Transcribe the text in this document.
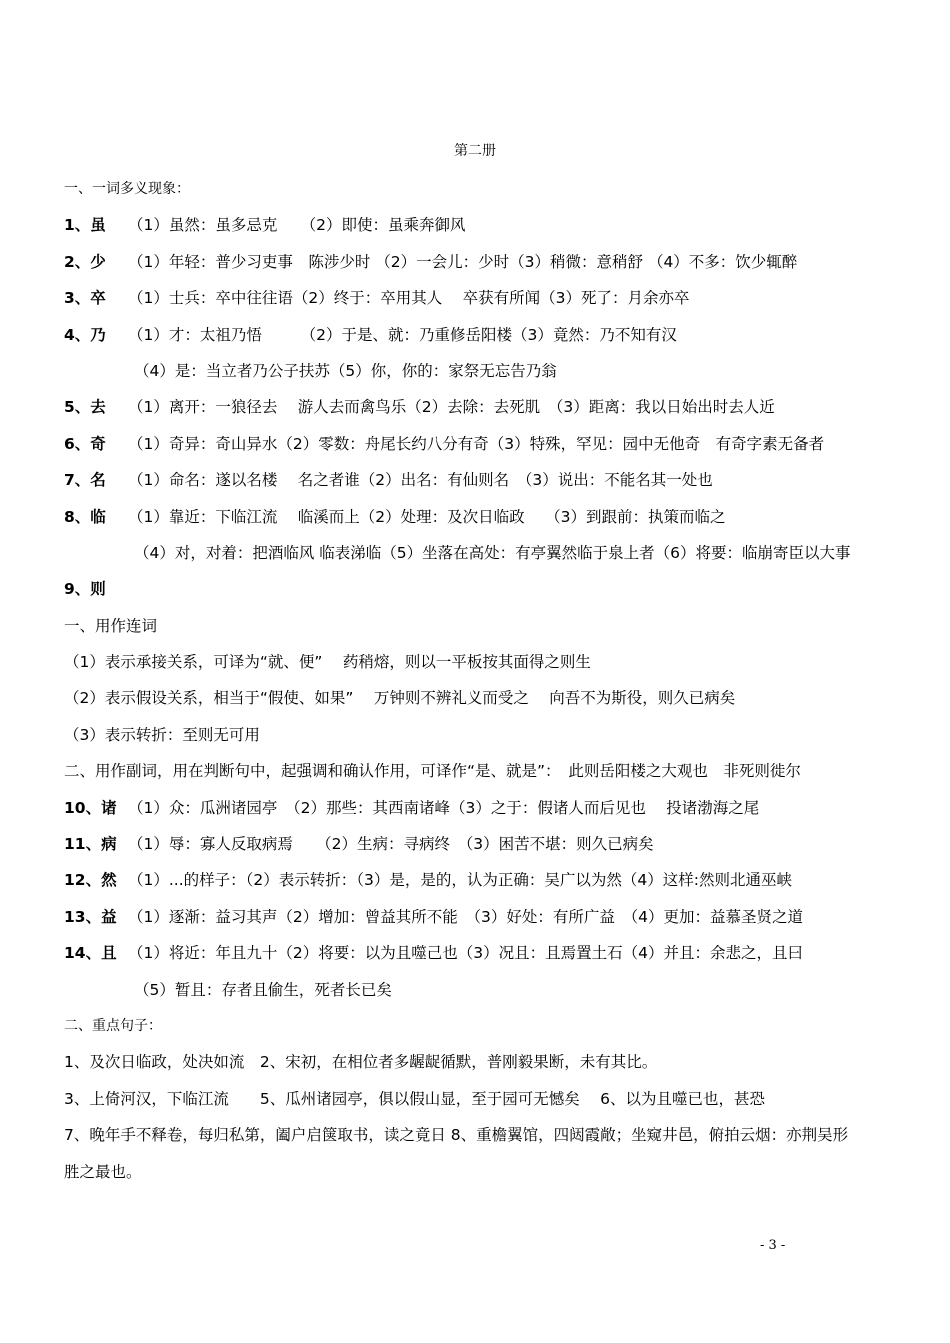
第二册
一、一词多义现象：
1、虽 （1）虽然：虽多忌克　　（2）即使：虽乘奔御风
2、少 （1）年轻：普少习吏事　陈涉少时 （2）一会儿：少时（3）稍微：意稍舒 （4）不多：饮少辄醉
3、卒 （1）士兵：卒中往往语（2）终于：卒用其人　 卒获有所闻（3）死了：月余亦卒
4、乃 （1）才：太祖乃悟　　　（2）于是、就：乃重修岳阳楼（3）竟然：乃不知有汉
（4）是：当立者乃公子扶苏（5）你，你的：家祭无忘告乃翁
5、去 （1）离开：一狼径去　 游人去而禽鸟乐（2）去除：去死肌　（3）距离：我以日始出时去人近
6、奇 （1）奇异：奇山异水（2）零数：舟尾长约八分有奇（3）特殊，罕见：园中无他奇　有奇字素无备者
7、名 （1）命名：遂以名楼　 名之者谁（2）出名：有仙则名　（3）说出：不能名其一处也
8、临 （1）靠近：下临江流　 临溪而上（2）处理：及次日临政　 （3）到跟前：执策而临之
（4）对，对着：把酒临风 临表涕临（5）坐落在高处：有亭翼然临于泉上者（6）将要：临崩寄臣以大事
9、则
一、用作连词
（1）表示承接关系，可译为“就、便”　 药稍熔，则以一平板按其面得之则生
（2）表示假设关系，相当于“假使、如果”　 万钟则不辨礼义而受之　 向吾不为斯役，则久已病矣
（3）表示转折：至则无可用
二、用作副词，用在判断句中，起强调和确认作用，可译作“是、就是”：　此则岳阳楼之大观也　非死则徙尔
10、诸 （1）众：瓜洲诸园亭　（2）那些：其西南诸峰（3）之于：假诸人而后见也　 投诸渤海之尾
11、病 （1）辱：寡人反取病焉　　（2）生病：寻病终　（3）困苦不堪：则久已病矣
12、然 （1）...的样子：（2）表示转折：（3）是，是的，认为正确：吴广以为然（4）这样:然则北通巫峡
13、益 （1）逐渐：益习其声（2）增加：曾益其所不能　（3）好处：有所广益　（4）更加：益慕圣贤之道
14、且 （1）将近：年且九十（2）将要：以为且噬己也（3）况且：且焉置土石（4）并且：余悲之，且曰
（5）暂且：存者且偷生，死者长已矣
二、重点句子：
1、及次日临政，处决如流　2、宋初，在相位者多龌龊循默，普刚毅果断，未有其比。
3、上倚河汉，下临江流　　5、瓜州诸园亭，俱以假山显，至于园可无憾矣　 6、以为且噬已也，甚恐
7、晚年手不释卷，每归私第，阖户启箧取书，读之竟日 8、重檐翼馆，四闼霞敞；坐窥井邑，俯拍云烟：亦荆吴形
胜之最也。
- 3 -
